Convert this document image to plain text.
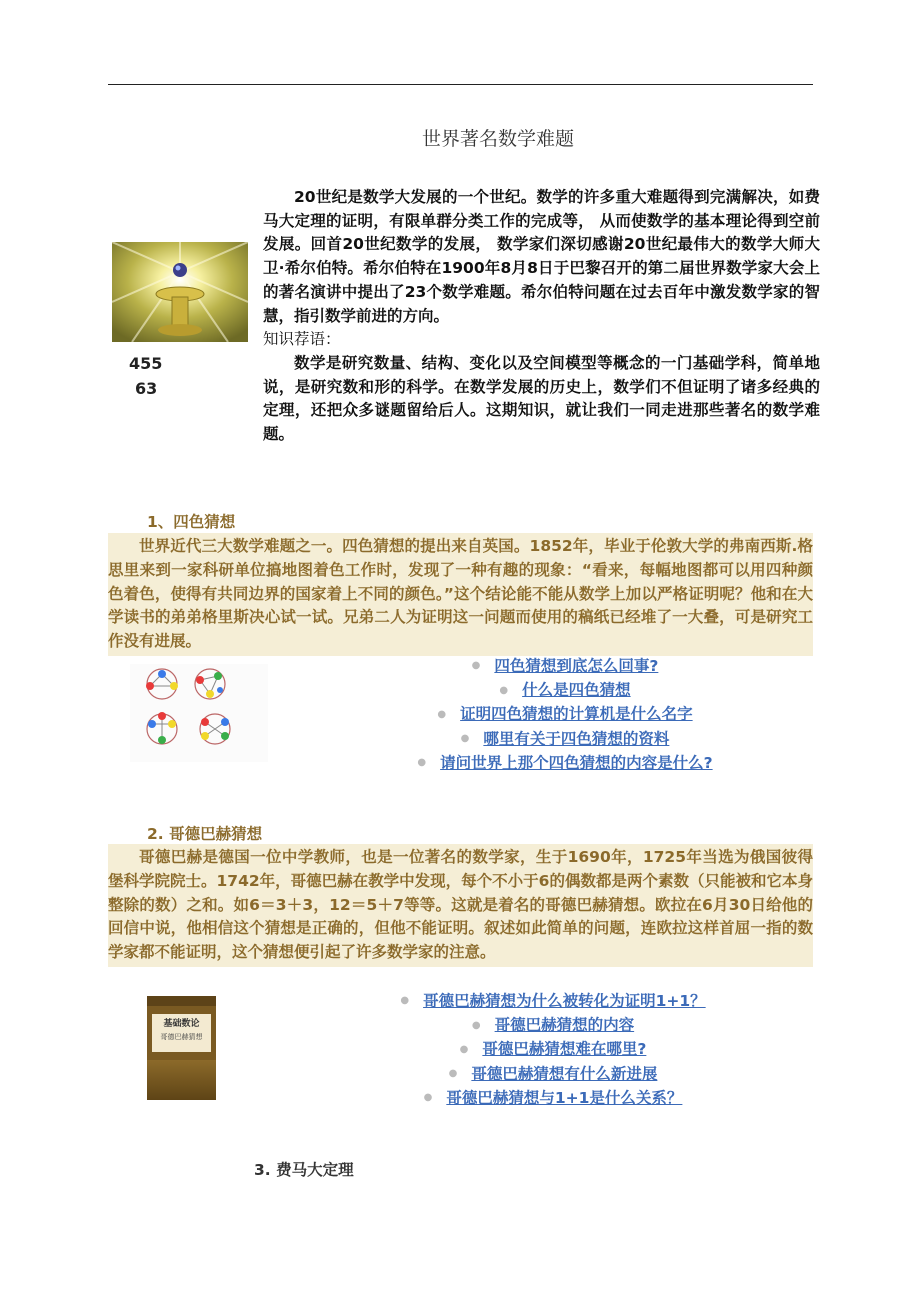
世界著名数学难题
455
63

20世纪是数学大发展的一个世纪。数学的许多重大难题得到完满解决，如费马大定理的证明，有限单群分类工作的完成等， 从而使数学的基本理论得到空前发展。回首20世纪数学的发展， 数学家们深切感谢20世纪最伟大的数学大师大卫·希尔伯特。希尔伯特在1900年8月8日于巴黎召开的第二届世界数学家大会上的著名演讲中提出了23个数学难题。希尔伯特问题在过去百年中激发数学家的智慧，指引数学前进的方向。

知识荐语：

数学是研究数量、结构、变化以及空间模型等概念的一门基础学科，简单地说，是研究数和形的科学。在数学发展的历史上，数学们不但证明了诸多经典的定理，还把众多谜题留给后人。这期知识，就让我们一同走进那些著名的数学难题。

1、四色猜想

世界近代三大数学难题之一。四色猜想的提出来自英国。1852年，毕业于伦敦大学的弗南西斯.格思里来到一家科研单位搞地图着色工作时，发现了一种有趣的现象：“看来，每幅地图都可以用四种颜色着色，使得有共同边界的国家着上不同的颜色。”这个结论能不能从数学上加以严格证明呢？他和在大学读书的弟弟格里斯决心试一试。兄弟二人为证明这一问题而使用的稿纸已经堆了一大叠，可是研究工作没有进展。

● 四色猜想到底怎么回事?
● 什么是四色猜想
● 证明四色猜想的计算机是什么名字
● 哪里有关于四色猜想的资料
● 请问世界上那个四色猜想的内容是什么?
2. 哥德巴赫猜想

哥德巴赫是德国一位中学教师，也是一位著名的数学家，生于1690年，1725年当选为俄国彼得堡科学院院士。1742年，哥德巴赫在教学中发现，每个不小于6的偶数都是两个素数（只能被和它本身整除的数）之和。如6＝3＋3，12＝5＋7等等。这就是着名的哥德巴赫猜想。欧拉在6月30日给他的回信中说，他相信这个猜想是正确的，但他不能证明。叙述如此简单的问题，连欧拉这样首屈一指的数学家都不能证明，这个猜想便引起了许多数学家的注意。

基础数论
哥德巴赫猜想
● 哥德巴赫猜想为什么被转化为证明1+1？
● 哥德巴赫猜想的内容
● 哥德巴赫猜想难在哪里?
● 哥德巴赫猜想有什么新进展
● 哥德巴赫猜想与1+1是什么关系？
3. 费马大定理
